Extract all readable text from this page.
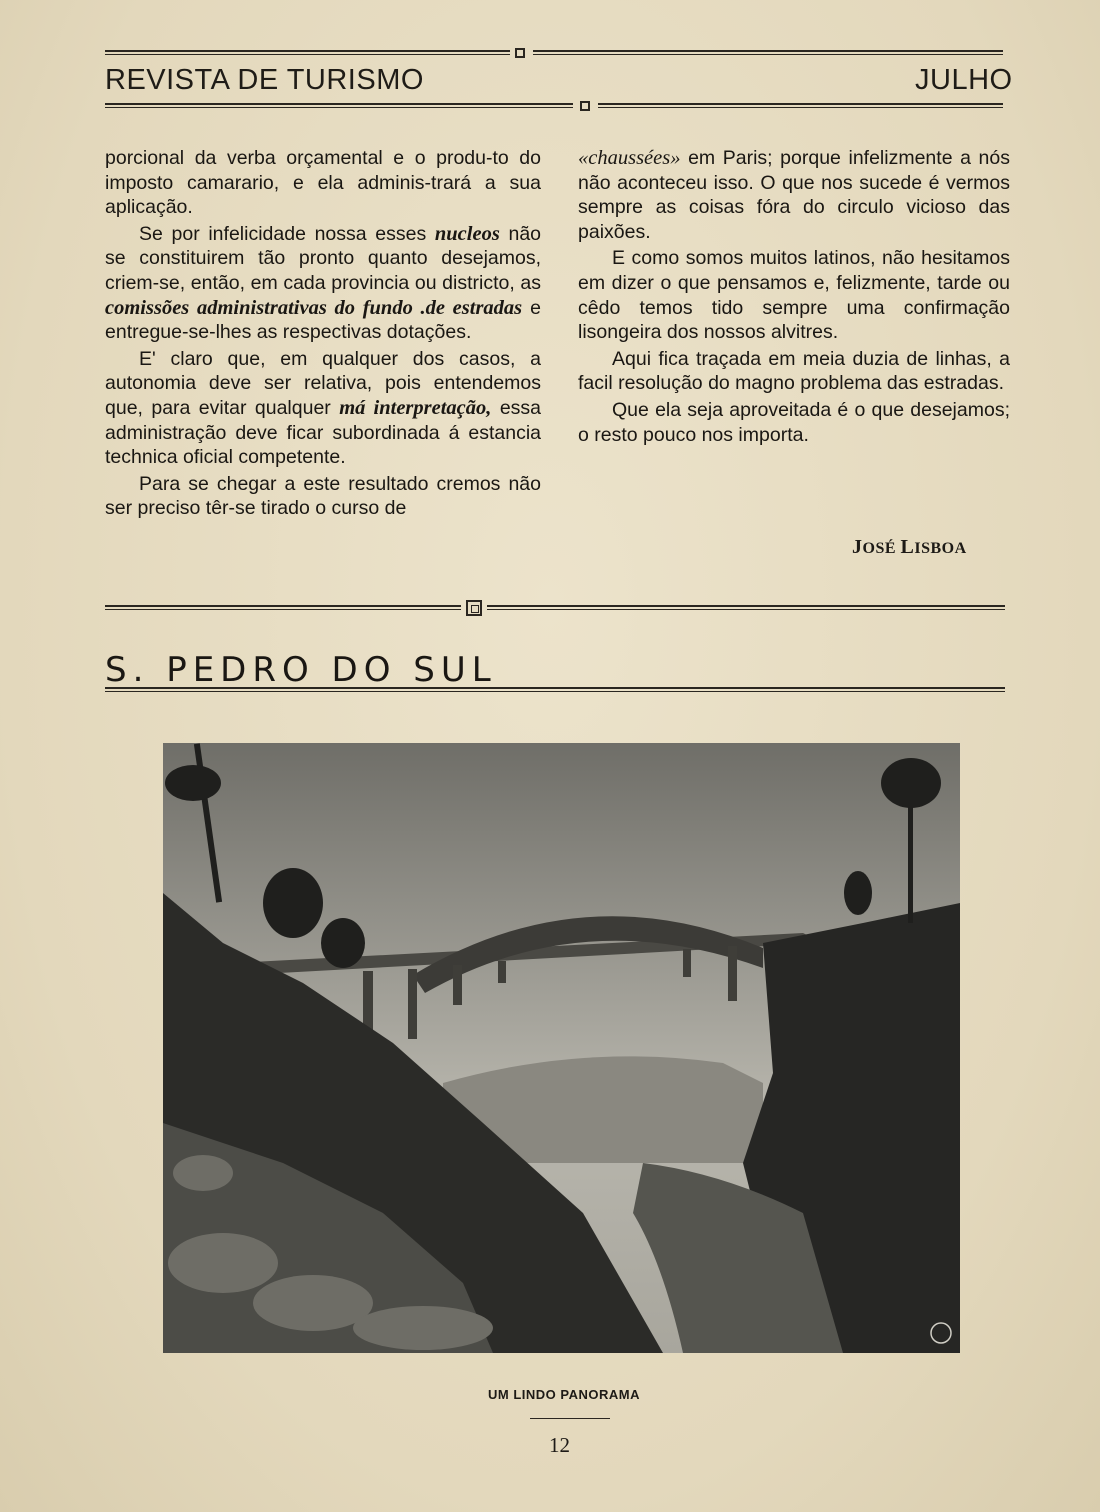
REVISTA DE TURISMO	JULHO

porcional da verba orçamental e o produ-to do imposto camarario, e ela adminis-trará a sua aplicação.

Se por infelicidade nossa esses nucleos não se constituirem tão pronto quanto desejamos, criem-se, então, em cada provincia ou districto, as comissões administrativas do fundo .de estradas e entregue-se-lhes as respectivas dotações.

E' claro que, em qualquer dos casos, a autonomia deve ser relativa, pois entendemos que, para evitar qualquer má interpretação, essa administração deve ficar subordinada á estancia technica oficial competente.

Para se chegar a este resultado cremos não ser preciso têr-se tirado o curso de

«chaussées» em Paris; porque infelizmente a nós não aconteceu isso. O que nos sucede é vermos sempre as coisas fóra do circulo vicioso das paixões.

E como somos muitos latinos, não hesitamos em dizer o que pensamos e, felizmente, tarde ou cêdo temos tido sempre uma confirmação lisongeira dos nossos alvitres.

Aqui fica traçada em meia duzia de linhas, a facil resolução do magno problema das estradas.

Que ela seja aproveitada é o que desejamos; o resto pouco nos importa.

JOSÉ LISBOA
S. PEDRO DO SUL
UM LINDO PANORAMA
12
